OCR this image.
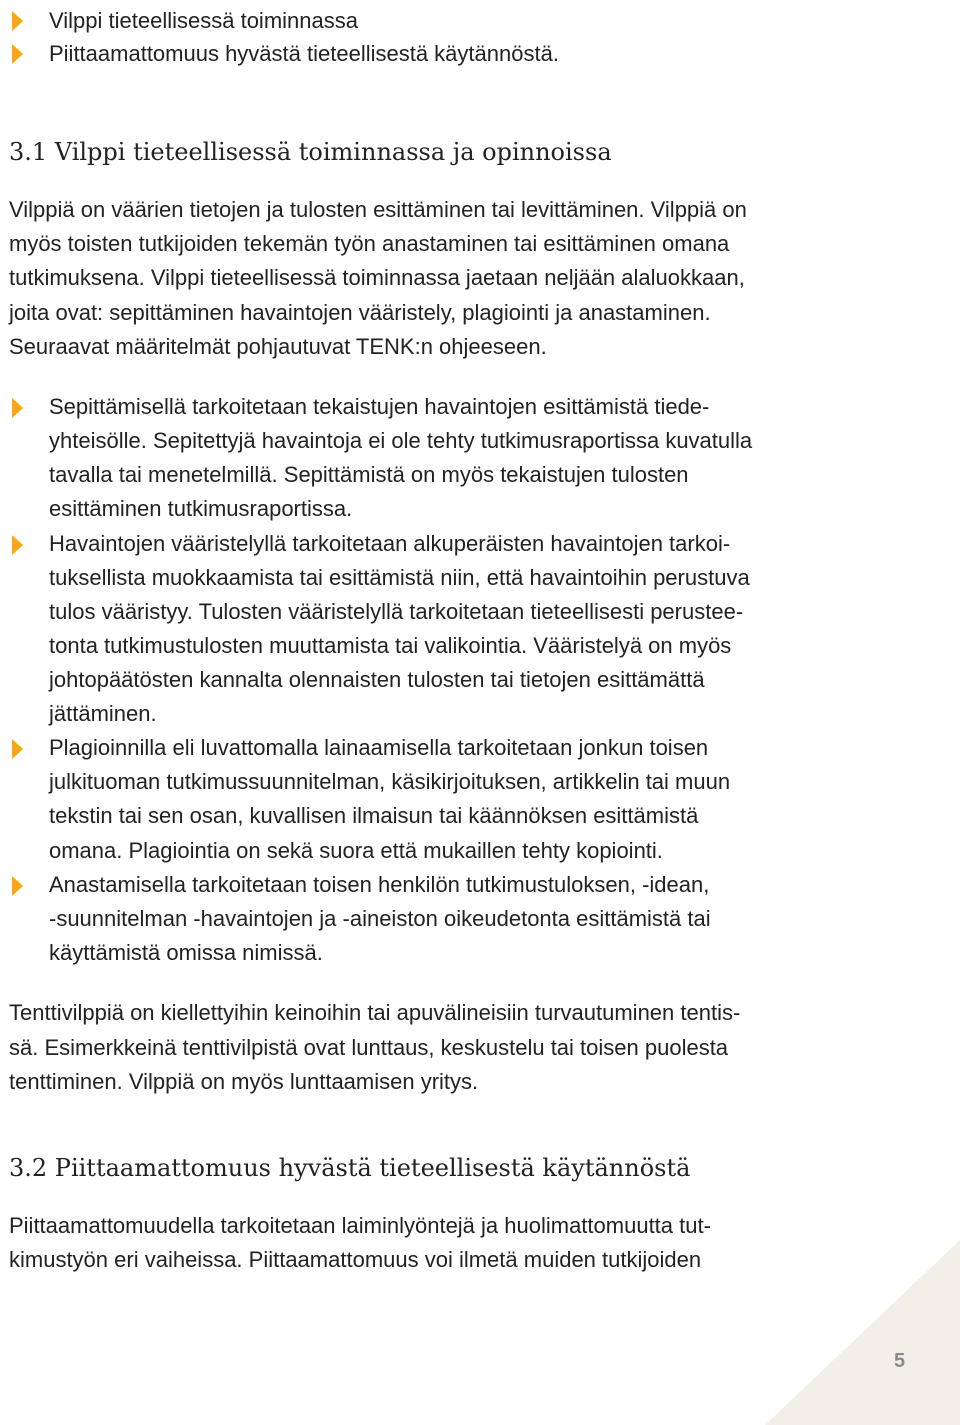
Vilppi tieteellisessä toiminnassa
Piittaamattomuus hyvästä tieteellisestä käytännöstä.
3.1 Vilppi tieteellisessä toiminnassa ja opinnoissa
Vilppiä on väärien tietojen ja tulosten esittäminen tai levittäminen. Vilppiä on
myös toisten tutkijoiden tekemän työn anastaminen tai esittäminen omana
tutkimuksena. Vilppi tieteellisessä toiminnassa jaetaan neljään alaluokkaan,
joita ovat: sepittäminen havaintojen vääristely, plagiointi ja anastaminen.
Seuraavat määritelmät pohjautuvat TENK:n ohjeeseen.
Sepittämisellä tarkoitetaan tekaistujen havaintojen esittämistä tiede-
yhteisölle. Sepitettyjä havaintoja ei ole tehty tutkimusraportissa kuvatulla
tavalla tai menetelmillä. Sepittämistä on myös tekaistujen tulosten
esittäminen tutkimusraportissa.
Havaintojen vääristelyllä tarkoitetaan alkuperäisten havaintojen tarkoi-
tuksellista muokkaamista tai esittämistä niin, että havaintoihin perustuva
tulos vääristyy. Tulosten vääristelyllä tarkoitetaan tieteellisesti perustee-
tonta tutkimustulosten muuttamista tai valikointia. Vääristelyä on myös
johtopäätösten kannalta olennaisten tulosten tai tietojen esittämättä
jättäminen.
Plagioinnilla eli luvattomalla lainaamisella tarkoitetaan jonkun toisen
julkituoman tutkimussuunnitelman, käsikirjoituksen, artikkelin tai muun
tekstin tai sen osan, kuvallisen ilmaisun tai käännöksen esittämistä
omana. Plagiointia on sekä suora että mukaillen tehty kopiointi.
Anastamisella tarkoitetaan toisen henkilön tutkimustuloksen, -idean,
-suunnitelman -havaintojen ja -aineiston oikeudetonta esittämistä tai
käyttämistä omissa nimissä.
Tenttivilppiä on kiellettyihin keinoihin tai apuvälineisiin turvautuminen tentis-
sä. Esimerkkeinä tenttivilpistä ovat lunttaus, keskustelu tai toisen puolesta
tenttiminen. Vilppiä on myös lunttaamisen yritys.
3.2 Piittaamattomuus hyvästä tieteellisestä käytännöstä
Piittaamattomuudella tarkoitetaan laiminlyöntejä ja huolimattomuutta tut-
kimustyön eri vaiheissa. Piittaamattomuus voi ilmetä muiden tutkijoiden
5
